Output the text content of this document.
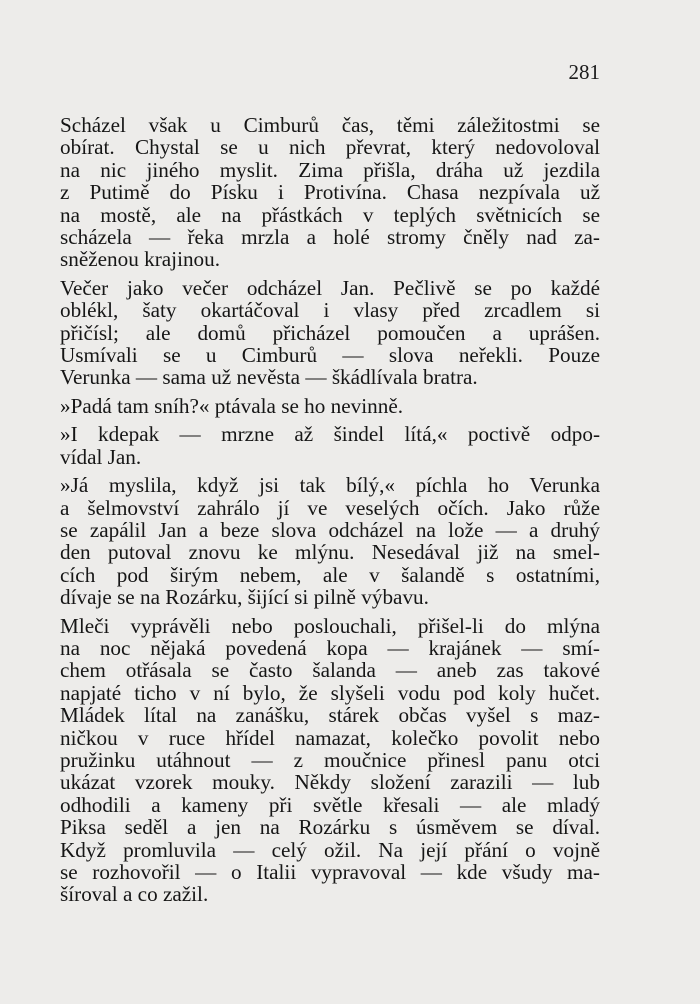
281
Scházel však u Cimburů čas, těmi záležitostmi se
obírat. Chystal se u nich převrat, který nedovoloval
na nic jiného myslit. Zima přišla, dráha už jezdila
z Putimě do Písku i Protivína. Chasa nezpívala už
na mostě, ale na přástkách v teplých světnicích se
scházela — řeka mrzla a holé stromy čněly nad za-
sněženou krajinou.
Večer jako večer odcházel Jan. Pečlivě se po každé
oblékl, šaty okartáčoval i vlasy před zrcadlem si
přičísl; ale domů přicházel pomoučen a uprášen.
Usmívali se u Cimburů — slova neřekli. Pouze
Verunka — sama už nevěsta — škádlívala bratra.
»Padá tam sníh?« ptávala se ho nevinně.
»I kdepak — mrzne až šindel lítá,« poctivě odpo-
vídal Jan.
»Já myslila, když jsi tak bílý,« píchla ho Verunka
a šelmovství zahrálo jí ve veselých očích. Jako růže
se zapálil Jan a beze slova odcházel na lože — a druhý
den putoval znovu ke mlýnu. Nesedával již na smel-
cích pod širým nebem, ale v šalandě s ostatními,
dívaje se na Rozárku, šijící si pilně výbavu.
Mleči vyprávěli nebo poslouchali, přišel-li do mlýna
na noc nějaká povedená kopa — krajánek — smí-
chem otřásala se často šalanda — aneb zas takové
napjaté ticho v ní bylo, že slyšeli vodu pod koly hučet.
Mládek lítal na zanášku, stárek občas vyšel s maz-
ničkou v ruce hřídel namazat, kolečko povolit nebo
pružinku utáhnout — z moučnice přinesl panu otci
ukázat vzorek mouky. Někdy složení zarazili — lub
odhodili a kameny při světle křesali — ale mladý
Piksa seděl a jen na Rozárku s úsměvem se díval.
Když promluvila — celý ožil. Na její přání o vojně
se rozhovořil — o Italii vypravoval — kde všudy ma-
šíroval a co zažil.
